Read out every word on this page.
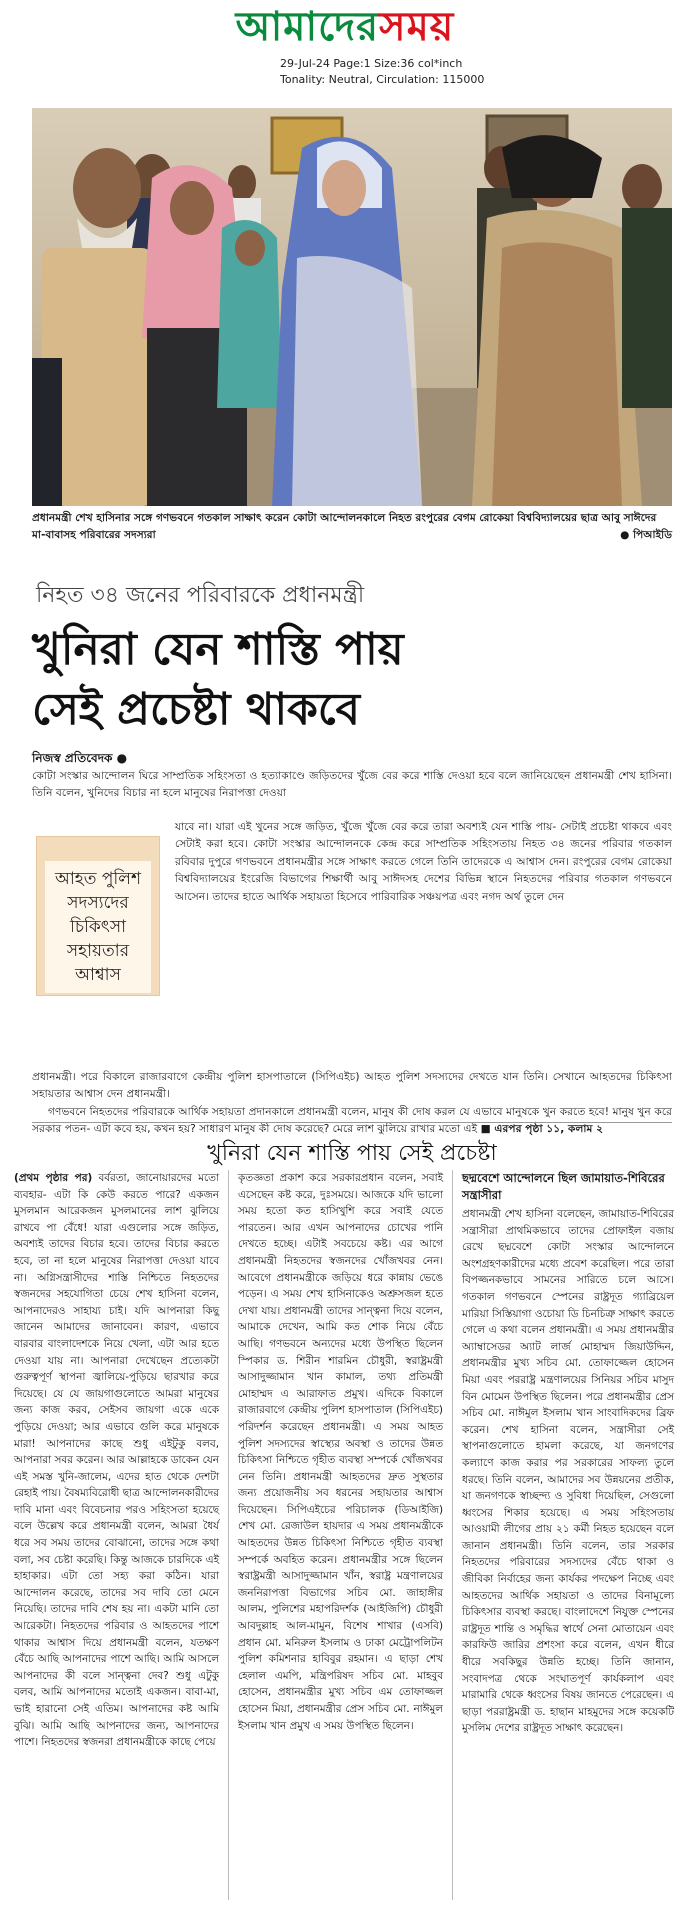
আমাদেরসময়
29-Jul-24 Page:1 Size:36 col*inch
Tonality: Neutral, Circulation: 115000
প্রধানমন্ত্রী শেখ হাসিনার সঙ্গে গণভবনে গতকাল সাক্ষাৎ করেন কোটা আন্দোলনকালে নিহত রংপুরের বেগম রোকেয়া বিশ্ববিদ্যালয়ের ছাত্র আবু সাঈদের মা-বাবাসহ পরিবারের সদস্যরা	● পিআইডি
নিহত ৩৪ জনের পরিবারকে প্রধানমন্ত্রী
খুনিরা যেন শাস্তি পায়
সেই প্রচেষ্টা থাকবে
নিজস্ব প্রতিবেদক ●
কোটা সংস্কার আন্দোলন ঘিরে সাম্প্রতিক সহিংসতা ও হত্যাকাণ্ডে জড়িতদের খুঁজে বের করে শাস্তি দেওয়া হবে বলে জানিয়েছেন প্রধানমন্ত্রী শেখ হাসিনা। তিনি বলেন, খুনিদের বিচার না হলে মানুষের নিরাপত্তা দেওয়া
আহত পুলিশ সদস্যদের চিকিৎসা সহায়তার আশ্বাস
যাবে না। যারা এই খুনের সঙ্গে জড়িত, খুঁজে খুঁজে বের করে তারা অবশ্যই যেন শাস্তি পায়- সেটাই প্রচেষ্টা থাকবে এবং সেটাই করা হবে। কোটা সংস্কার আন্দোলনকে কেন্দ্র করে সাম্প্রতিক সহিংসতায় নিহত ৩৪ জনের পরিবার গতকাল রবিবার দুপুরে গণভবনে প্রধানমন্ত্রীর সঙ্গে সাক্ষাৎ করতে গেলে তিনি তাদেরকে এ আশ্বাস দেন। রংপুরের বেগম রোকেয়া বিশ্ববিদ্যালয়ের ইংরেজি বিভাগের শিক্ষার্থী আবু সাঈদসহ দেশের বিভিন্ন স্থানে নিহতদের পরিবার গতকাল গণভবনে আসেন। তাদের হাতে আর্থিক সহায়তা হিসেবে পারিবারিক সঞ্চয়পত্র এবং নগদ অর্থ তুলে দেন
প্রধানমন্ত্রী। পরে বিকালে রাজারবাগে কেন্দ্রীয় পুলিশ হাসপাতালে (সিপিএইচ) আহত পুলিশ সদস্যদের দেখতে যান তিনি। সেখানে আহতদের চিকিৎসা সহায়তার আশ্বাস দেন প্রধানমন্ত্রী।

গণভবনে নিহতদের পরিবারকে আর্থিক সহায়তা প্রদানকালে প্রধানমন্ত্রী বলেন, মানুষ কী দোষ করল যে এভাবে মানুষকে খুন করতে হবে! মানুষ খুন করে সরকার পতন- এটা কবে হয়, কখন হয়? সাধারণ মানুষ কী দোষ করেছে? মেরে লাশ ঝুলিয়ে রাখার মতো এই ■ এরপর পৃষ্ঠা ১১, কলাম ২

খুনিরা যেন শাস্তি পায় সেই প্রচেষ্টা
(প্রথম পৃষ্ঠার পর) বর্বরতা, জানোয়ারদের মতো ব্যবহার- এটা কি কেউ করতে পারে? একজন মুসলমান আরেকজন মুসলমানের লাশ ঝুলিয়ে রাখবে পা বেঁধে! যারা এগুলোর সঙ্গে জড়িত, অবশ্যই তাদের বিচার হবে। তাদের বিচার করতে হবে, তা না হলে মানুষের নিরাপত্তা দেওয়া যাবে না। অগ্নিসন্ত্রাসীদের শাস্তি নিশ্চিতে নিহতদের স্বজনদের সহযোগিতা চেয়ে শেখ হাসিনা বলেন, আপনাদেরও সাহায্য চাই। যদি আপনারা কিছু জানেন আমাদের জানাবেন। কারণ, এভাবে বারবার বাংলাদেশকে নিয়ে খেলা, এটা আর হতে দেওয়া যায় না। আপনারা দেখেছেন প্রত্যেকটা গুরুত্বপূর্ণ স্থাপনা জ্বালিয়ে-পুড়িয়ে ছারখার করে দিয়েছে। যে যে জায়গাগুলোতে আমরা মানুষের জন্য কাজ করব, সেইসব জায়গা একে একে পুড়িয়ে দেওয়া; আর এভাবে গুলি করে মানুষকে মারা! আপনাদের কাছে শুধু এইটুকু বলব, আপনারা সবর করেন। আর আল্লাহকে ডাকেন যেন এই সমস্ত খুনি-জালেম, এদের হাত থেকে দেশটা রেহাই পায়। বৈষম্যবিরোধী ছাত্র আন্দোলনকারীদের দাবি মানা এবং বিবেচনার পরও সহিংসতা হয়েছে বলে উল্লেখ করে প্রধানমন্ত্রী বলেন, আমরা ধৈর্য ধরে সব সময় তাদের বোঝানো, তাদের সঙ্গে কথা বলা, সব চেষ্টা করেছি। কিন্তু আজকে চারদিকে এই হাহাকার। এটা তো সহ্য করা কঠিন। যারা আন্দোলন করেছে, তাদের সব দাবি তো মেনে নিয়েছি। তাদের দাবি শেষ হয় না। একটা মানি তো আরেকটা। নিহতদের পরিবার ও আহতদের পাশে থাকার আশ্বাস দিয়ে প্রধানমন্ত্রী বলেন, যতক্ষণ বেঁচে আছি আপনাদের পাশে আছি। আমি আসলে আপনাদের কী বলে সান্ত্বনা দেব? শুধু এটুকু বলব, আমি আপনাদের মতোই একজন। বাবা-মা, ভাই হারানো সেই এতিম। আপনাদের কষ্ট আমি বুঝি। আমি আছি আপনাদের জন্য, আপনাদের পাশে। নিহতদের স্বজনরা প্রধানমন্ত্রীকে কাছে পেয়ে
কৃতজ্ঞতা প্রকাশ করে সরকারপ্রধান বলেন, সবাই এসেছেন কষ্ট করে, দুঃসময়ে। আজকে যদি ভালো সময় হতো কত হাসিখুশি করে সবাই যেতে পারতেন। আর এখন আপনাদের চোখের পানি দেখতে হচ্ছে। এটাই সবচেয়ে কষ্ট। এর আগে প্রধানমন্ত্রী নিহতদের স্বজনদের খোঁজখবর নেন। আবেগে প্রধানমন্ত্রীকে জড়িয়ে ধরে কান্নায় ভেঙে পড়েন। এ সময় শেখ হাসিনাকেও অশ্রুসজল হতে দেখা যায়। প্রধানমন্ত্রী তাদের সান্ত্বনা দিয়ে বলেন, আমাকে দেখেন, আমি কত শোক নিয়ে বেঁচে আছি। গণভবনে অন্যদের মধ্যে উপস্থিত ছিলেন স্পিকার ড. শিরীন শারমিন চৌধুরী, স্বরাষ্ট্রমন্ত্রী আসাদুজ্জামান খান কামাল, তথ্য প্রতিমন্ত্রী মোহাম্মদ এ আরাফাত প্রমুখ। এদিকে বিকালে রাজারবাগে কেন্দ্রীয় পুলিশ হাসপাতাল (সিপিএইচ) পরিদর্শন করেছেন প্রধানমন্ত্রী। এ সময় আহত পুলিশ সদস্যদের স্বাস্থ্যের অবস্থা ও তাদের উন্নত চিকিৎসা নিশ্চিতে গৃহীত ব্যবস্থা সম্পর্কে খোঁজখবর নেন তিনি। প্রধানমন্ত্রী আহতদের দ্রুত সুস্থতার জন্য প্রয়োজনীয় সব ধরনের সহায়তার আশ্বাস দিয়েছেন। সিপিএইচের পরিচালক (ডিআইজি) শেখ মো. রেজাউল হায়দার এ সময় প্রধানমন্ত্রীকে আহতদের উন্নত চিকিৎসা নিশ্চিতে গৃহীত ব্যবস্থা সম্পর্কে অবহিত করেন। প্রধানমন্ত্রীর সঙ্গে ছিলেন স্বরাষ্ট্রমন্ত্রী আসাদুজ্জামান খাঁন, স্বরাষ্ট্র মন্ত্রণালয়ের জননিরাপত্তা বিভাগের সচিব মো. জাহাঙ্গীর আলম, পুলিশের মহাপরিদর্শক (আইজিপি) চৌধুরী আবদুল্লাহ আল-মামুন, বিশেষ শাখার (এসবি) প্রধান মো. মনিরুল ইসলাম ও ঢাকা মেট্রোপলিটন পুলিশ কমিশনার হাবিবুর রহমান। এ ছাড়া শেখ হেলাল এমপি, মন্ত্রিপরিষদ সচিব মো. মাহবুব হোসেন, প্রধানমন্ত্রীর মুখ্য সচিব এম তোফাজ্জল হোসেন মিয়া, প্রধানমন্ত্রীর প্রেস সচিব মো. নাঈমুল ইসলাম খান প্রমুখ এ সময় উপস্থিত ছিলেন।
ছদ্মবেশে আন্দোলনে ছিল জামায়াত-শিবিরের সন্ত্রাসীরা
প্রধানমন্ত্রী শেখ হাসিনা বলেছেন, জামায়াত-শিবিরের সন্ত্রাসীরা প্রাথমিকভাবে তাদের প্রোফাইল বজায় রেখে ছদ্মবেশে কোটা সংস্কার আন্দোলনে অংশগ্রহণকারীদের মধ্যে প্রবেশ করেছিল। পরে তারা বিপজ্জনকভাবে সামনের সারিতে চলে আসে। গতকাল গণভবনে স্পেনের রাষ্ট্রদূত গ্যাব্রিয়েল মারিয়া সিস্তিয়াগা ওচোয়া ডি চিনচিত্রু সাক্ষাৎ করতে গেলে এ কথা বলেন প্রধানমন্ত্রী। এ সময় প্রধানমন্ত্রীর অ্যাম্বাসেডর অ্যাট লার্জ মোহাম্মদ জিয়াউদ্দিন, প্রধানমন্ত্রীর মুখ্য সচিব মো. তোফাজ্জেল হোসেন মিয়া এবং পররাষ্ট্র মন্ত্রণালয়ের সিনিয়র সচিব মাসুদ বিন মোমেন উপস্থিত ছিলেন। পরে প্রধানমন্ত্রীর প্রেস সচিব মো. নাঈমুল ইসলাম খান সাংবাদিকদের ব্রিফ করেন। শেখ হাসিনা বলেন, সন্ত্রাসীরা সেই স্থাপনাগুলোতে হামলা করেছে, যা জনগণের কল্যাণে কাজ করার পর সরকারের সাফল্য তুলে ধরছে। তিনি বলেন, আমাদের সব উন্নয়নের প্রতীক, যা জনগণকে স্বাচ্ছন্দ্য ও সুবিধা দিয়েছিল, সেগুলো ধ্বংসের শিকার হয়েছে। এ সময় সহিংসতায় আওয়ামী লীগের প্রায় ২১ কর্মী নিহত হয়েছেন বলে জানান প্রধানমন্ত্রী। তিনি বলেন, তার সরকার নিহতদের পরিবারের সদস্যদের বেঁচে থাকা ও জীবিকা নির্বাহের জন্য কার্যকর পদক্ষেপ নিচ্ছে এবং আহতদের আর্থিক সহায়তা ও তাদের বিনামূল্যে চিকিৎসার ব্যবস্থা করছে। বাংলাদেশে নিযুক্ত স্পেনের রাষ্ট্রদূত শান্তি ও সমৃদ্ধির স্বার্থে সেনা মোতায়েন এবং কারফিউ জারির প্রশংসা করে বলেন, এখন ধীরে ধীরে সবকিছুর উন্নতি হচ্ছে। তিনি জানান, সংবাদপত্র থেকে সংঘাতপূর্ণ কার্যকলাপ এবং মারামারি থেকে ধ্বংসের বিষয় জানতে পেরেছেন। এ ছাড়া পররাষ্ট্রমন্ত্রী ড. হাছান মাহমুদের সঙ্গে কয়েকটি মুসলিম দেশের রাষ্ট্রদূত সাক্ষাৎ করেছেন।
